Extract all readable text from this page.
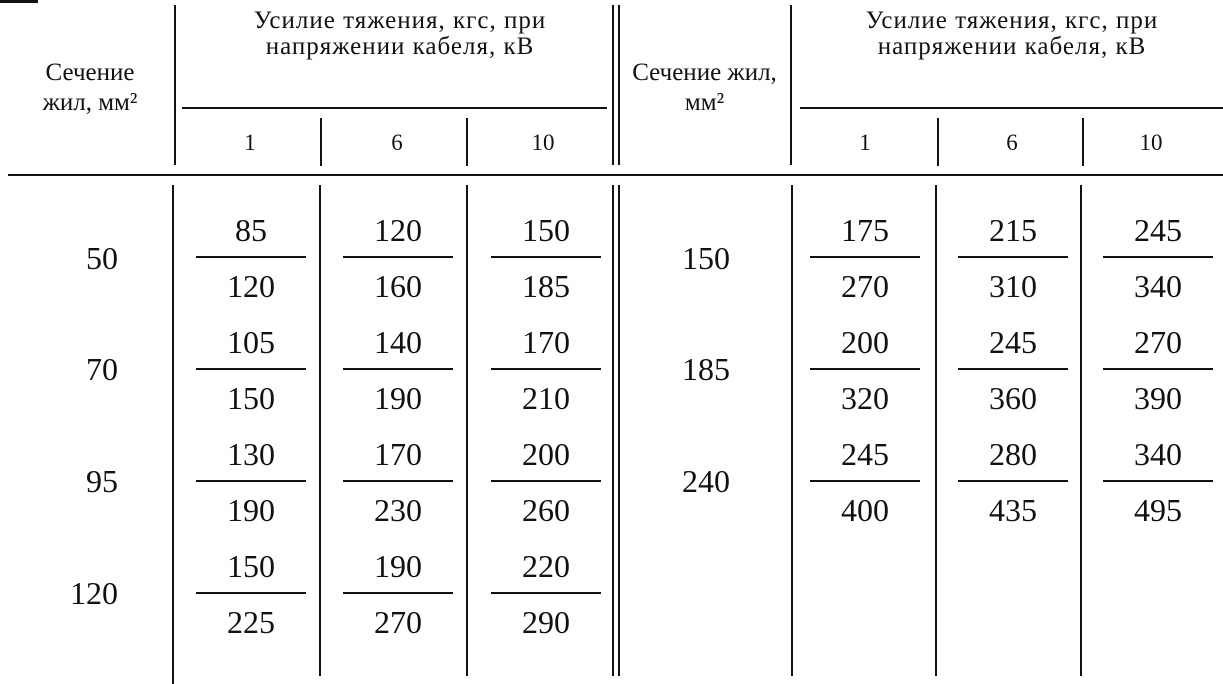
Сечение жил, мм²
Сечение жил, мм²
Усилие тяжения, кгс, при напряжении кабеля, кВ
Усилие тяжения, кгс, при напряжении кабеля, кВ
1	6	10	1	6	10
$50 \frac{85}{120} \frac{120}{160} \frac{150}{185}$
$70 \frac{105}{150} \frac{140}{190} \frac{170}{210}$
$95 \frac{130}{190} \frac{170}{230} \frac{200}{260}$
$120 \frac{150}{225} \frac{190}{270} \frac{220}{290}$
150	$\frac{175}{270} \frac{215}{310} \frac{245}{340}$
185	$\frac{200}{320} \frac{245}{360} \frac{270}{390}$
240	$\frac{245}{400} \frac{280}{435} \frac{340}{495}$
